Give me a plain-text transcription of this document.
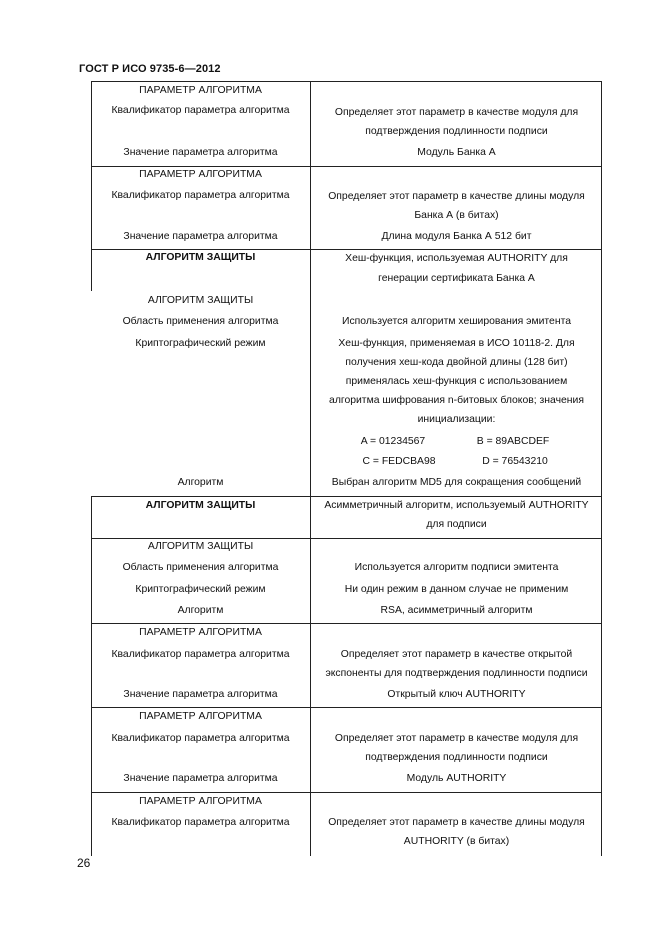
ГОСТ Р ИСО 9735-6—2012
ПАРАМЕТР АЛГОРИТМА
Квалификатор параметра алгоритма	Определяет этот параметр в качестве модуля для
подтверждения подлинности подписи
Значение параметра алгоритма	Модуль Банка А
ПАРАМЕТР АЛГОРИТМА
Квалификатор параметра алгоритма	Определяет этот параметр в качестве длины модуля
Банка А (в битах)
Значение параметра алгоритма	Длина модуля Банка А 512 бит
АЛГОРИТМ ЗАЩИТЫ	Хеш-функция, используемая AUTHORITY для
генерации сертификата Банка А
АЛГОРИТМ ЗАЩИТЫ
Область применения алгоритма	Используется алгоритм хеширования эмитента
Криптографический режим	Хеш-функция, применяемая в ИСО 10118-2. Для
получения хеш-кода двойной длины (128 бит)
применялась хеш-функция с использованием
алгоритма шифрования n-битовых блоков; значения
инициализации:
A = 01234567	B = 89ABCDEF
C = FEDCBA98	D = 76543210
Алгоритм	Выбран алгоритм MD5 для сокращения сообщений
АЛГОРИТМ ЗАЩИТЫ	Асимметричный алгоритм, используемый AUTHORITY
для подписи
АЛГОРИТМ ЗАЩИТЫ
Область применения алгоритма	Используется алгоритм подписи эмитента
Криптографический режим	Ни один режим в данном случае не применим
Алгоритм	RSA, асимметричный алгоритм
ПАРАМЕТР АЛГОРИТМА
Квалификатор параметра алгоритма	Определяет этот параметр в качестве открытой
экспоненты для подтверждения подлинности подписи
Значение параметра алгоритма	Открытый ключ AUTHORITY
ПАРАМЕТР АЛГОРИТМА
Квалификатор параметра алгоритма	Определяет этот параметр в качестве модуля для
подтверждения подлинности подписи
Значение параметра алгоритма	Модуль AUTHORITY
ПАРАМЕТР АЛГОРИТМА
Квалификатор параметра алгоритма	Определяет этот параметр в качестве длины модуля
AUTHORITY (в битах)
26
